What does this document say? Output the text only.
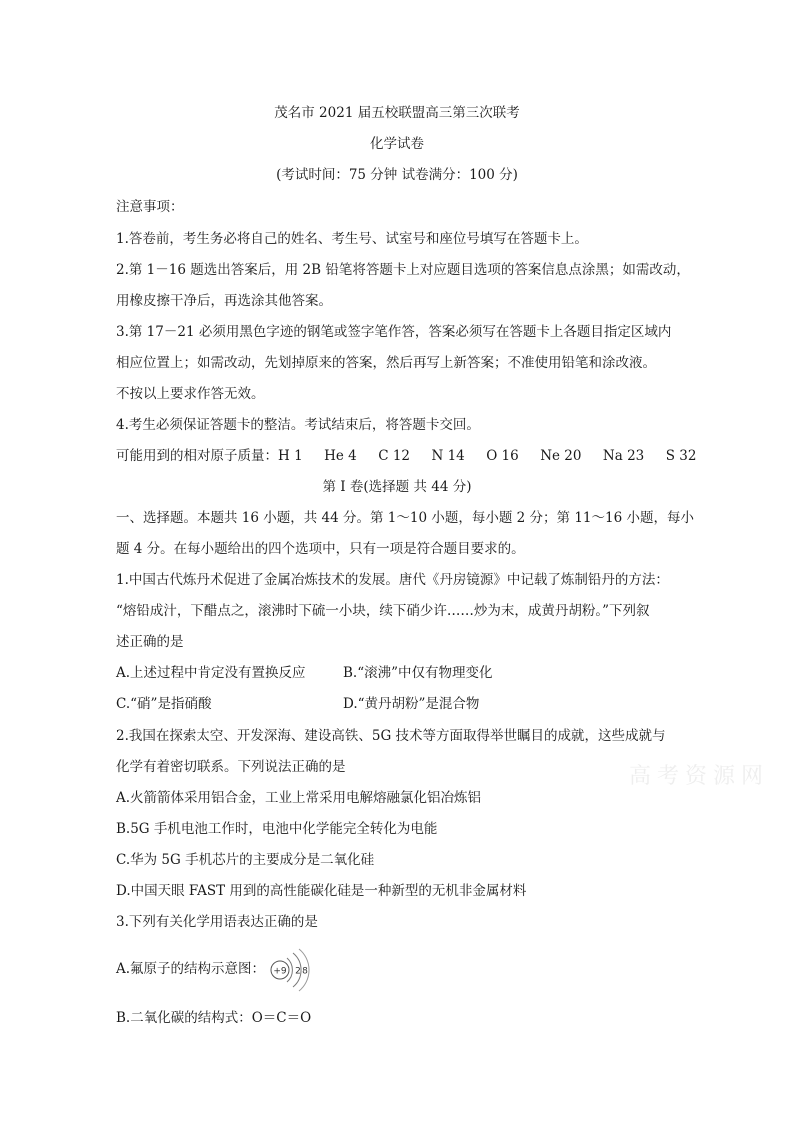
茂名市 2021 届五校联盟高三第三次联考
化学试卷
(考试时间：75 分钟 试卷满分：100 分)
注意事项：
1.答卷前，考生务必将自己的姓名、考生号、试室号和座位号填写在答题卡上。
2.第 1－16 题选出答案后，用 2B 铅笔将答题卡上对应题目选项的答案信息点涂黑；如需改动，
用橡皮擦干净后，再选涂其他答案。
3.第 17－21 必须用黑色字迹的钢笔或签字笔作答，答案必须写在答题卡上各题目指定区域内
相应位置上；如需改动，先划掉原来的答案，然后再写上新答案；不准使用铅笔和涂改液。
不按以上要求作答无效。
4.考生必须保证答题卡的整洁。考试结束后，将答题卡交回。
可能用到的相对原子质量：H 1     He 4     C 12     N 14     O 16     Ne 20     Na 23     S 32
第 I 卷(选择题 共 44 分)
一、选择题。本题共 16 小题，共 44 分。第 1～10 小题，每小题 2 分；第 11～16 小题，每小
题 4 分。在每小题给出的四个选项中，只有一项是符合题目要求的。
1.中国古代炼丹术促进了金属冶炼技术的发展。唐代《丹房镜源》中记载了炼制铅丹的方法：
“熔铅成汁，下醋点之，滚沸时下硫一小块，续下硝少许……炒为末，成黄丹胡粉。”下列叙
述正确的是
A.上述过程中肯定没有置换反应	B.“滚沸”中仅有物理变化
C.“硝”是指硝酸	D.“黄丹胡粉”是混合物
2.我国在探索太空、开发深海、建设高铁、5G 技术等方面取得举世瞩目的成就，这些成就与
化学有着密切联系。下列说法正确的是
A.火箭箭体采用铝合金，工业上常采用电解熔融氯化铝冶炼铝
B.5G 手机电池工作时，电池中化学能完全转化为电能
C.华为 5G 手机芯片的主要成分是二氧化硅
D.中国天眼 FAST 用到的高性能碳化硅是一种新型的无机非金属材料
3.下列有关化学用语表达正确的是
A.氟原子的结构示意图： +9 2 8
B.二氧化碳的结构式：O＝C＝O
高考资源网
